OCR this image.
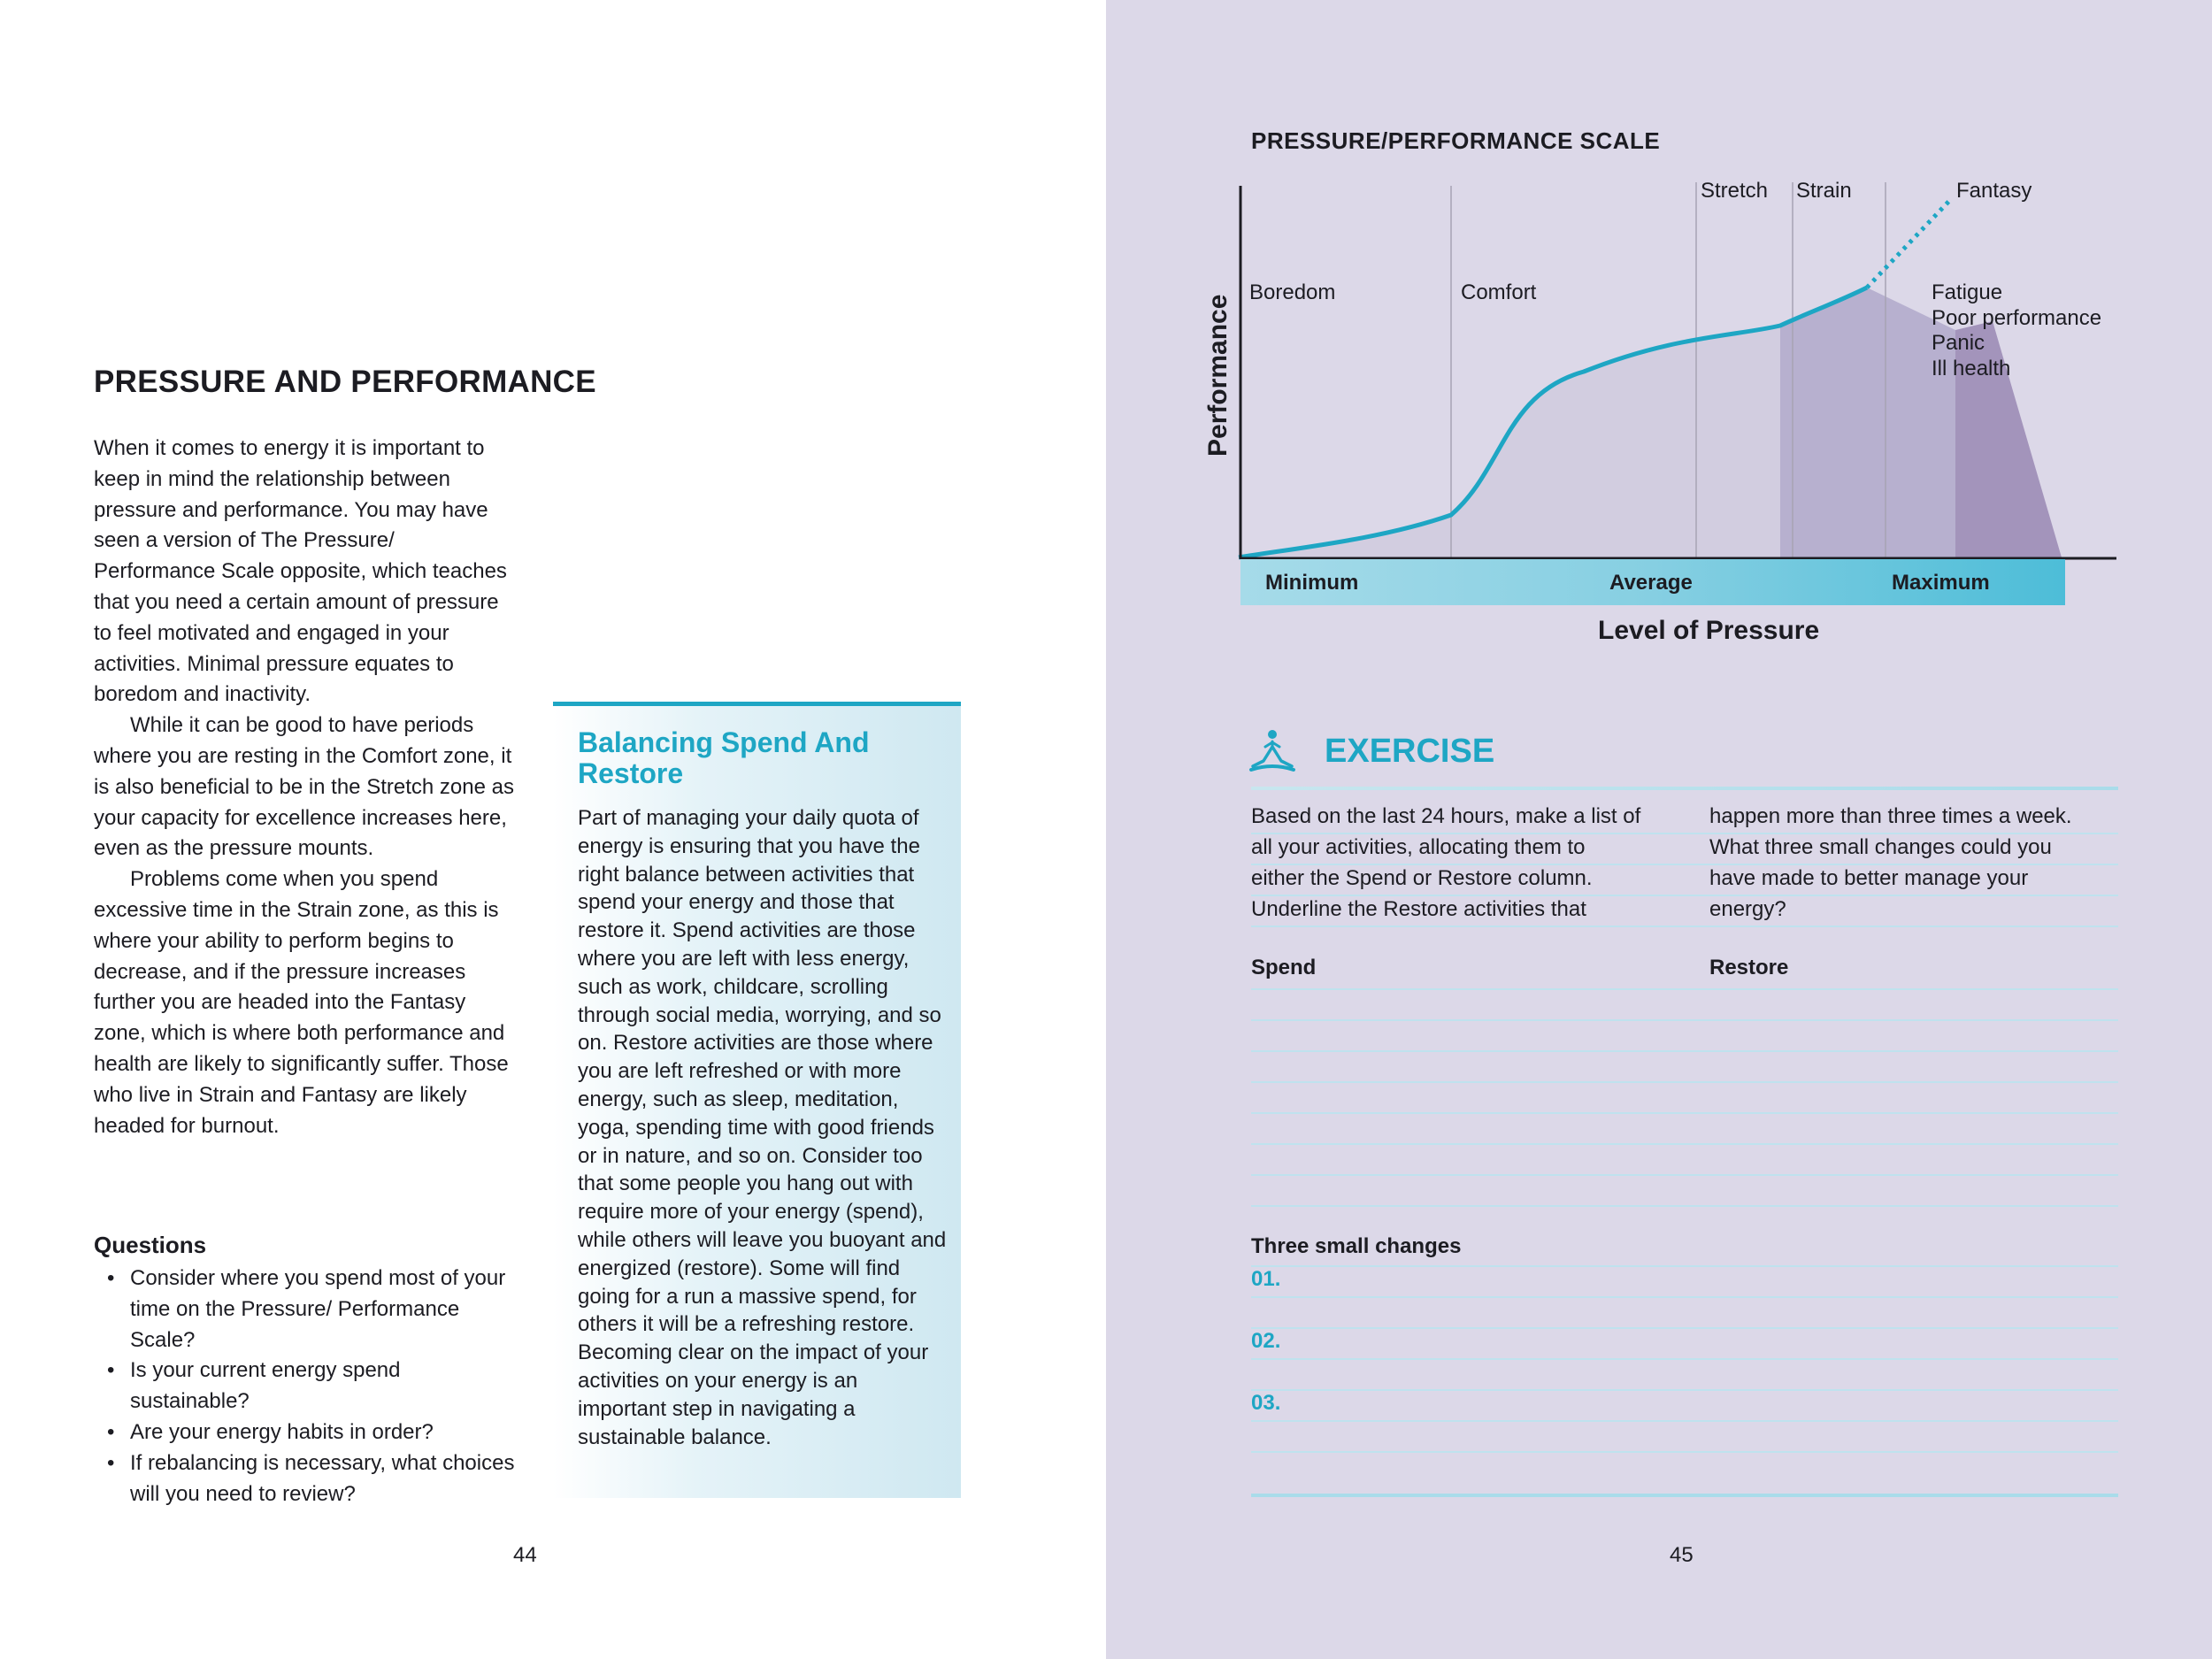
PRESSURE AND PERFORMANCE

When it comes to energy it is important to keep in mind the relationship between pressure and performance. You may have seen a version of The Pressure/ Performance Scale opposite, which teaches that you need a certain amount of pressure to feel motivated and engaged in your activities. Minimal pressure equates to boredom and inactivity.

While it can be good to have periods where you are resting in the Comfort zone, it is also beneficial to be in the Stretch zone as your capacity for excellence increases here, even as the pressure mounts.

Problems come when you spend excessive time in the Strain zone, as this is where your ability to perform begins to decrease, and if the pressure increases further you are headed into the Fantasy zone, which is where both performance and health are likely to significantly suffer. Those who live in Strain and Fantasy are likely headed for burnout.

Questions
• Consider where you spend most of your time on the Pressure/ Performance Scale?
• Is your current energy spend sustainable?
• Are your energy habits in order?
• If rebalancing is necessary, what choices will you need to review?
Balancing Spend And Restore
Part of managing your daily quota of energy is ensuring that you have the right balance between activities that spend your energy and those that restore it. Spend activities are those where you are left with less energy, such as work, childcare, scrolling through social media, worrying, and so on. Restore activities are those where you are left refreshed or with more energy, such as sleep, meditation, yoga, spending time with good friends or in nature, and so on. Consider too that some people you hang out with require more of your energy (spend), while others will leave you buoyant and energized (restore). Some will find going for a run a massive spend, for others it will be a refreshing restore. Becoming clear on the impact of your activities on your energy is an important step in navigating a sustainable balance.
44
PRESSURE/PERFORMANCE SCALE
Minimum	Average	Maximum
Level of Pressure
Performance
Boredom	Comfort
Stretch Strain	Fantasy
Fatigue
Poor performance
Panic
Ill health
EXERCISE
Based on the last 24 hours, make a list of
all your activities, allocating them to
either the Spend or Restore column.
Underline the Restore activities that
happen more than three times a week.
What three small changes could you
have made to better manage your
energy?
Spend	Restore
Three small changes
01.
02.
03.
45
